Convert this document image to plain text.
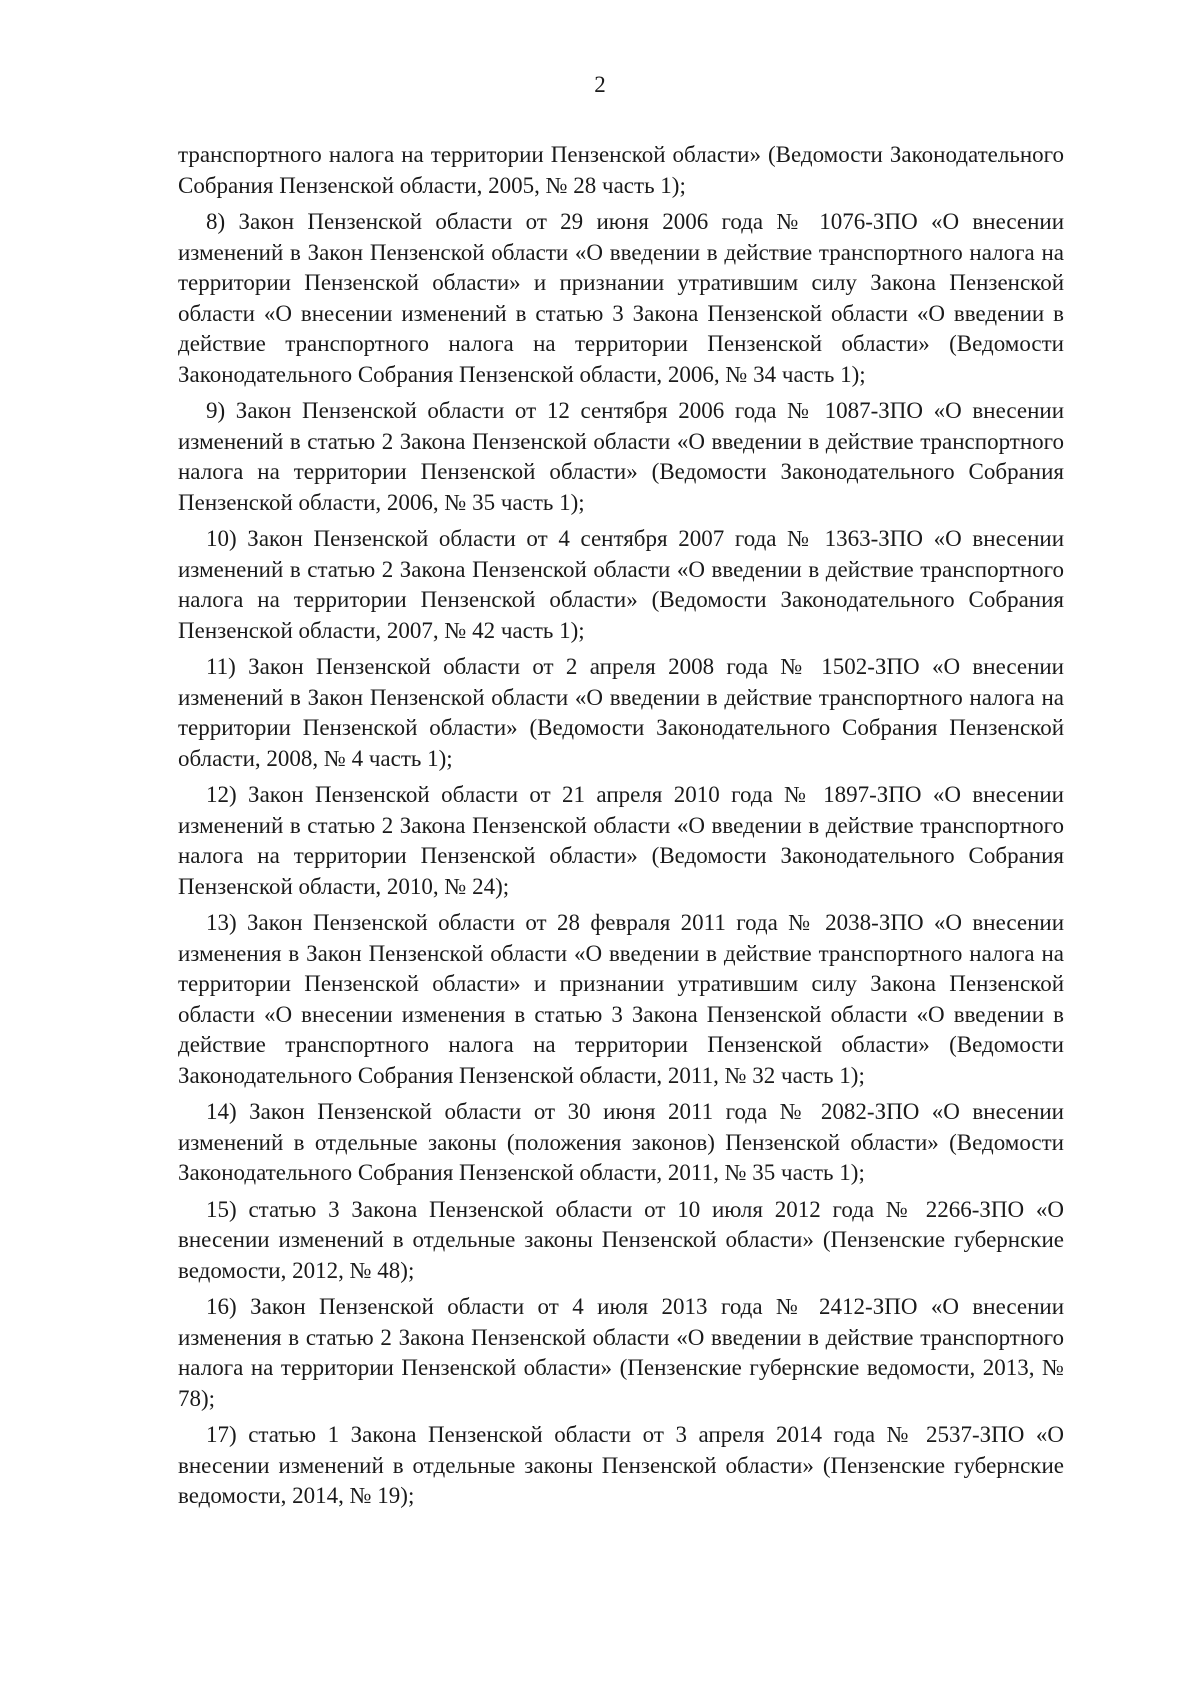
2

транспортного налога на территории Пензенской области» (Ведомости Законодательного Собрания Пензенской области, 2005, № 28 часть 1);

8) Закон Пензенской области от 29 июня 2006 года № 1076-ЗПО «О внесении изменений в Закон Пензенской области «О введении в действие транспортного налога на территории Пензенской области» и признании утратившим силу Закона Пензенской области «О внесении изменений в статью 3 Закона Пензенской области «О введении в действие транспортного налога на территории Пензенской области» (Ведомости Законодательного Собрания Пензенской области, 2006, № 34 часть 1);

9) Закон Пензенской области от 12 сентября 2006 года № 1087-ЗПО «О внесении изменений в статью 2 Закона Пензенской области «О введении в действие транспортного налога на территории Пензенской области» (Ведомости Законодательного Собрания Пензенской области, 2006, № 35 часть 1);

10) Закон Пензенской области от 4 сентября 2007 года № 1363-ЗПО «О внесении изменений в статью 2 Закона Пензенской области «О введении в действие транспортного налога на территории Пензенской области» (Ведомости Законодательного Собрания Пензенской области, 2007, № 42 часть 1);

11) Закон Пензенской области от 2 апреля 2008 года № 1502-ЗПО «О внесении изменений в Закон Пензенской области «О введении в действие транспортного налога на территории Пензенской области» (Ведомости Законодательного Собрания Пензенской области, 2008, № 4 часть 1);

12) Закон Пензенской области от 21 апреля 2010 года № 1897-ЗПО «О внесении изменений в статью 2 Закона Пензенской области «О введении в действие транспортного налога на территории Пензенской области» (Ведомости Законодательного Собрания Пензенской области, 2010, № 24);

13) Закон Пензенской области от 28 февраля 2011 года № 2038-ЗПО «О внесении изменения в Закон Пензенской области «О введении в действие транспортного налога на территории Пензенской области» и признании утратившим силу Закона Пензенской области «О внесении изменения в статью 3 Закона Пензенской области «О введении в действие транспортного налога на территории Пензенской области» (Ведомости Законодательного Собрания Пензенской области, 2011, № 32 часть 1);

14) Закон Пензенской области от 30 июня 2011 года № 2082-ЗПО «О внесении изменений в отдельные законы (положения законов) Пензенской области» (Ведомости Законодательного Собрания Пензенской области, 2011, № 35 часть 1);

15) статью 3 Закона Пензенской области от 10 июля 2012 года № 2266-ЗПО «О внесении изменений в отдельные законы Пензенской области» (Пензенские губернские ведомости, 2012, № 48);

16) Закон Пензенской области от 4 июля 2013 года № 2412-ЗПО «О внесении изменения в статью 2 Закона Пензенской области «О введении в действие транспортного налога на территории Пензенской области» (Пензенские губернские ведомости, 2013, № 78);

17) статью 1 Закона Пензенской области от 3 апреля 2014 года № 2537-ЗПО «О внесении изменений в отдельные законы Пензенской области» (Пензенские губернские ведомости, 2014, № 19);
